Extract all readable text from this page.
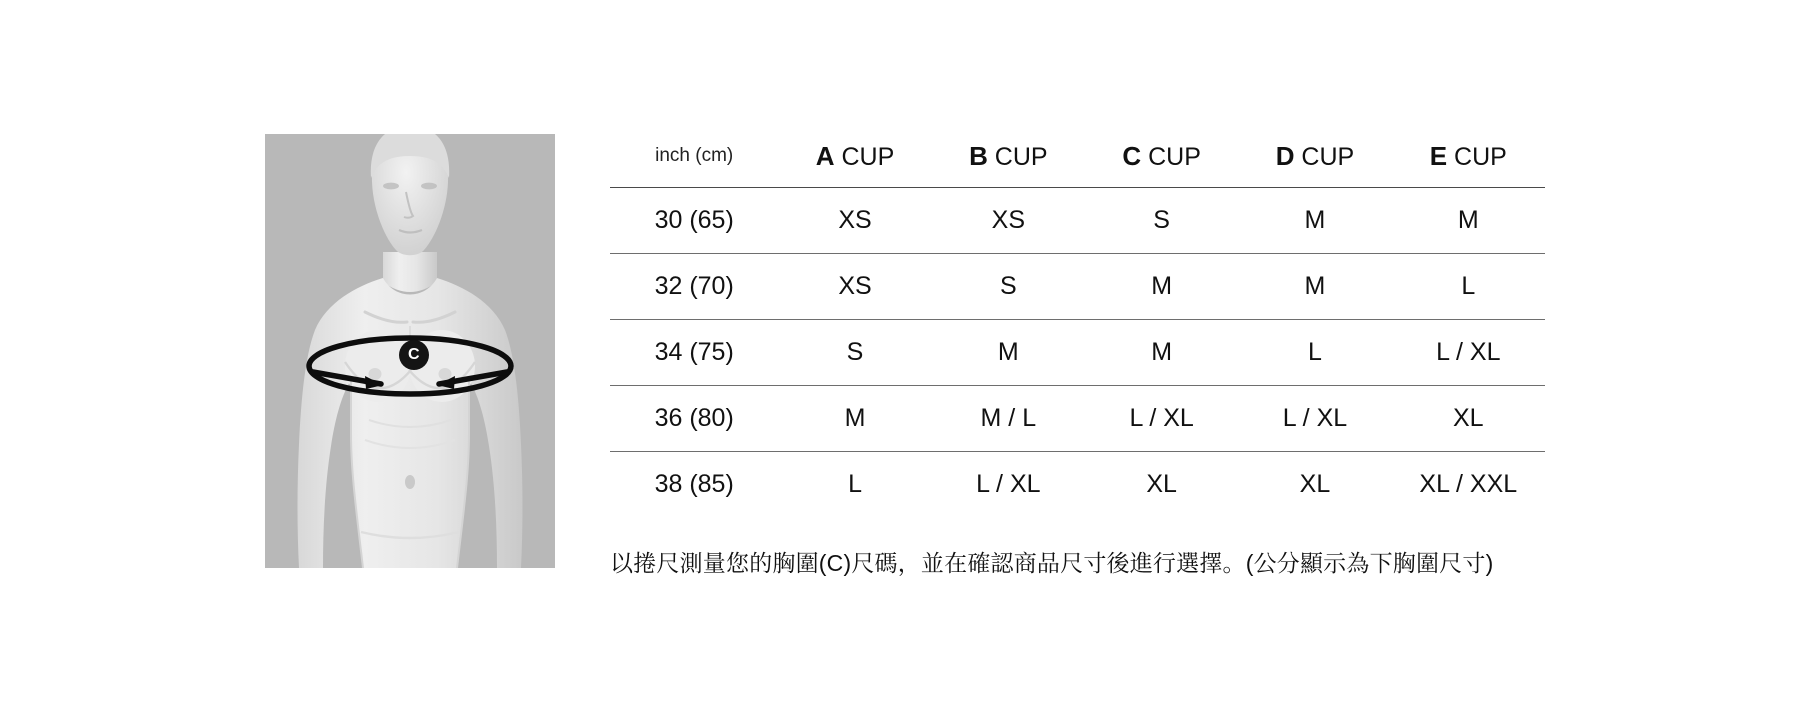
C
inch (cm)	A CUP	B CUP	C CUP	D CUP	E CUP
30 (65)	XS	XS	S	M	M
32 (70)	XS	S	M	M	L
34 (75)	S	M	M	L	L / XL
36 (80)	M	M / L	L / XL	L / XL	XL
38 (85)	L	L / XL	XL	XL	XL / XXL
以捲尺測量您的胸圍(C)尺碼，並在確認商品尺寸後進行選擇。(公分顯示為下胸圍尺寸)
